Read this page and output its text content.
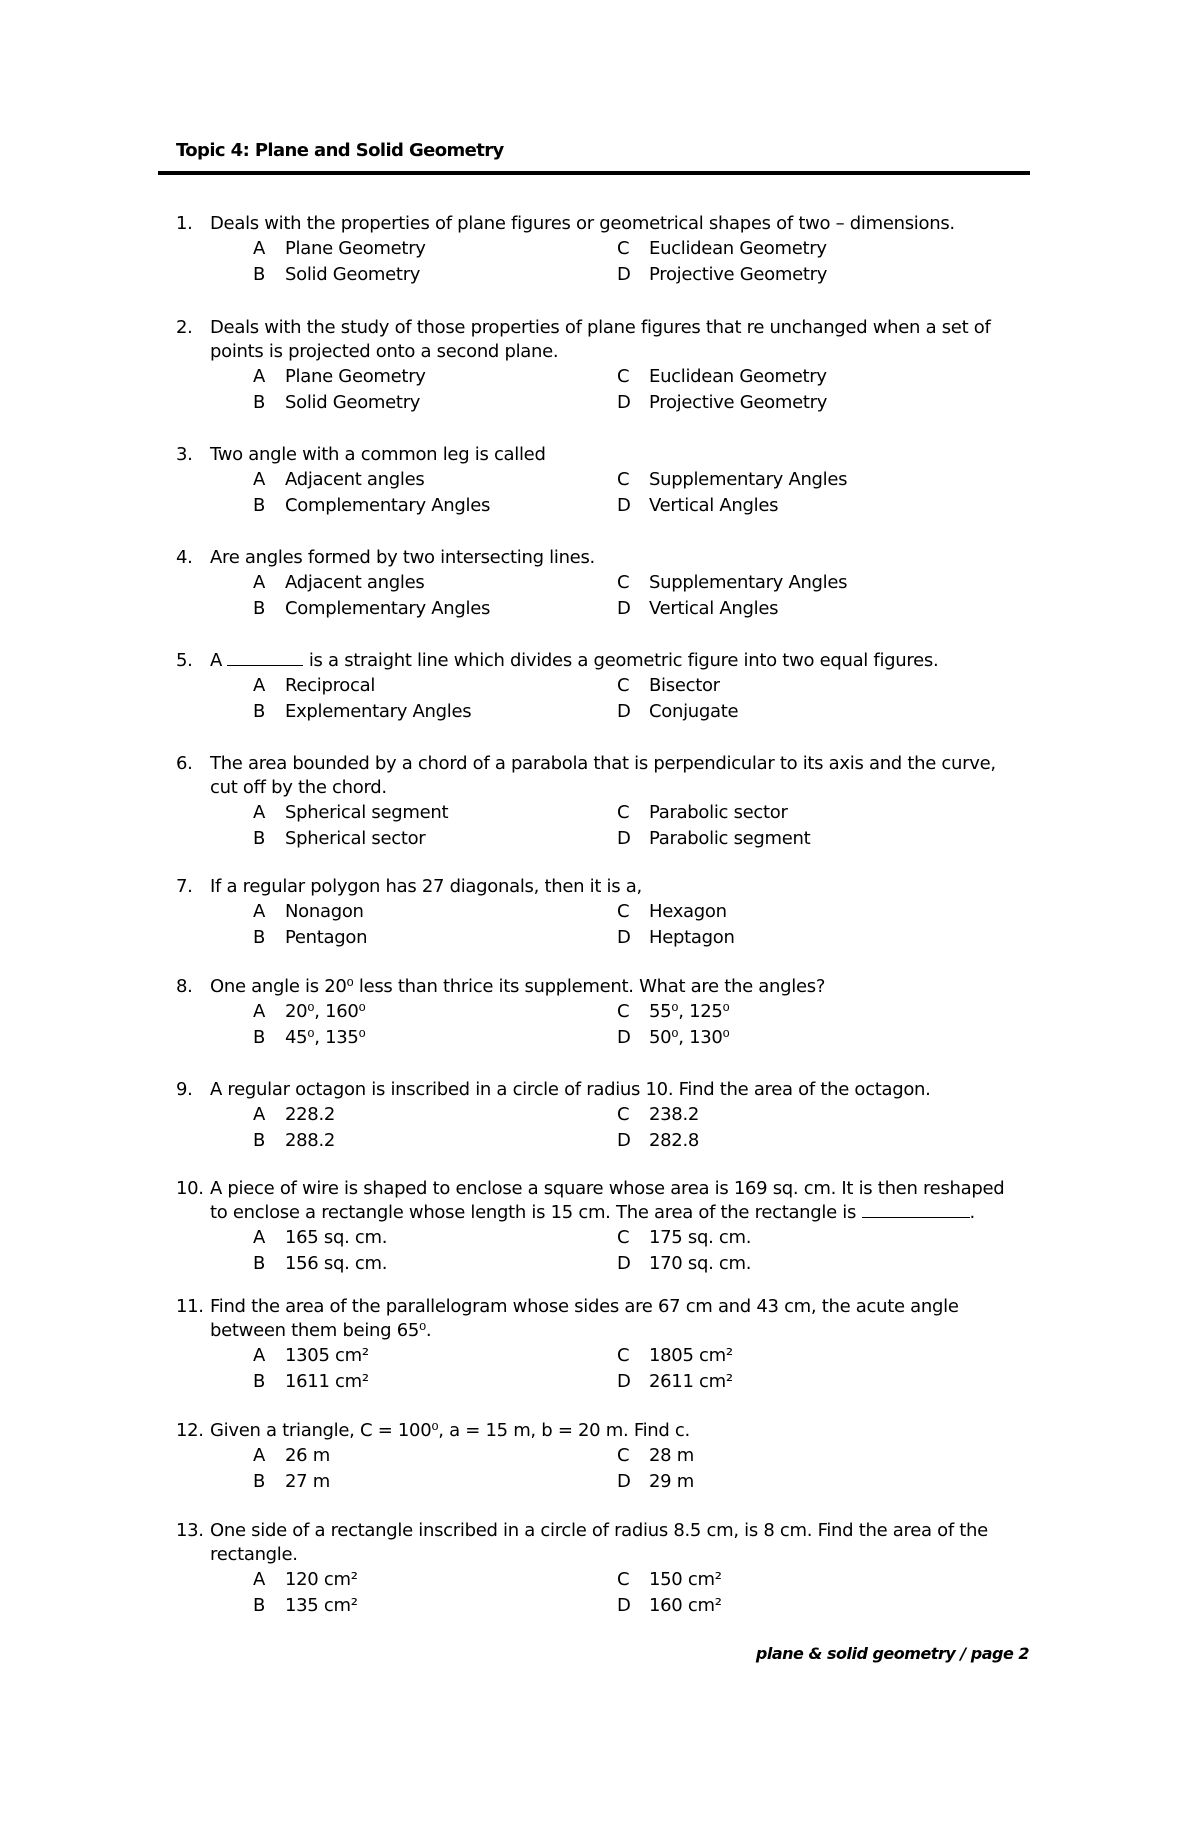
Topic 4: Plane and Solid Geometry
1. Deals with the properties of plane figures or geometrical shapes of two – dimensions.
A	Plane Geometry	C	Euclidean Geometry
B	Solid Geometry	D	Projective Geometry
2. Deals with the study of those properties of plane figures that re unchanged when a set of points is projected onto a second plane.
A	Plane Geometry	C	Euclidean Geometry
B	Solid Geometry	D	Projective Geometry
3. Two angle with a common leg is called
A	Adjacent angles	C	Supplementary Angles
B	Complementary Angles	D	Vertical Angles
4. Are angles formed by two intersecting lines.
A	Adjacent angles	C	Supplementary Angles
B	Complementary Angles	D	Vertical Angles
5. A	is a straight line which divides a geometric figure into two equal figures.
A	Reciprocal	C	Bisector
B	Explementary Angles	D	Conjugate
6. The area bounded by a chord of a parabola that is perpendicular to its axis and the curve, cut off by the chord.
A	Spherical segment	C	Parabolic sector
B	Spherical sector	D	Parabolic segment
7. If a regular polygon has 27 diagonals, then it is a,
A	Nonagon	C	Hexagon
B	Pentagon	D	Heptagon
8. One angle is 20⁰ less than thrice its supplement. What are the angles?
A	20⁰, 160⁰	C	55⁰, 125⁰
B	45⁰, 135⁰	D	50⁰, 130⁰
9. A regular octagon is inscribed in a circle of radius 10. Find the area of the octagon.
A	228.2	C	238.2
B	288.2	D	282.8
10. A piece of wire is shaped to enclose a square whose area is 169 sq. cm. It is then reshaped to enclose a rectangle whose length is 15 cm. The area of the rectangle is	.
A	165 sq. cm.	C	175 sq. cm.
B	156 sq. cm.	D	170 sq. cm.
11. Find the area of the parallelogram whose sides are 67 cm and 43 cm, the acute angle between them being 65⁰.
A	1305 cm²	C	1805 cm²
B	1611 cm²	D	2611 cm²
12. Given a triangle, C = 100⁰, a = 15 m, b = 20 m. Find c.
A	26 m	C	28 m
B	27 m	D	29 m
13. One side of a rectangle inscribed in a circle of radius 8.5 cm, is 8 cm. Find the area of the rectangle.
A	120 cm²	C	150 cm²
B	135 cm²	D	160 cm²
plane & solid geometry / page 2
